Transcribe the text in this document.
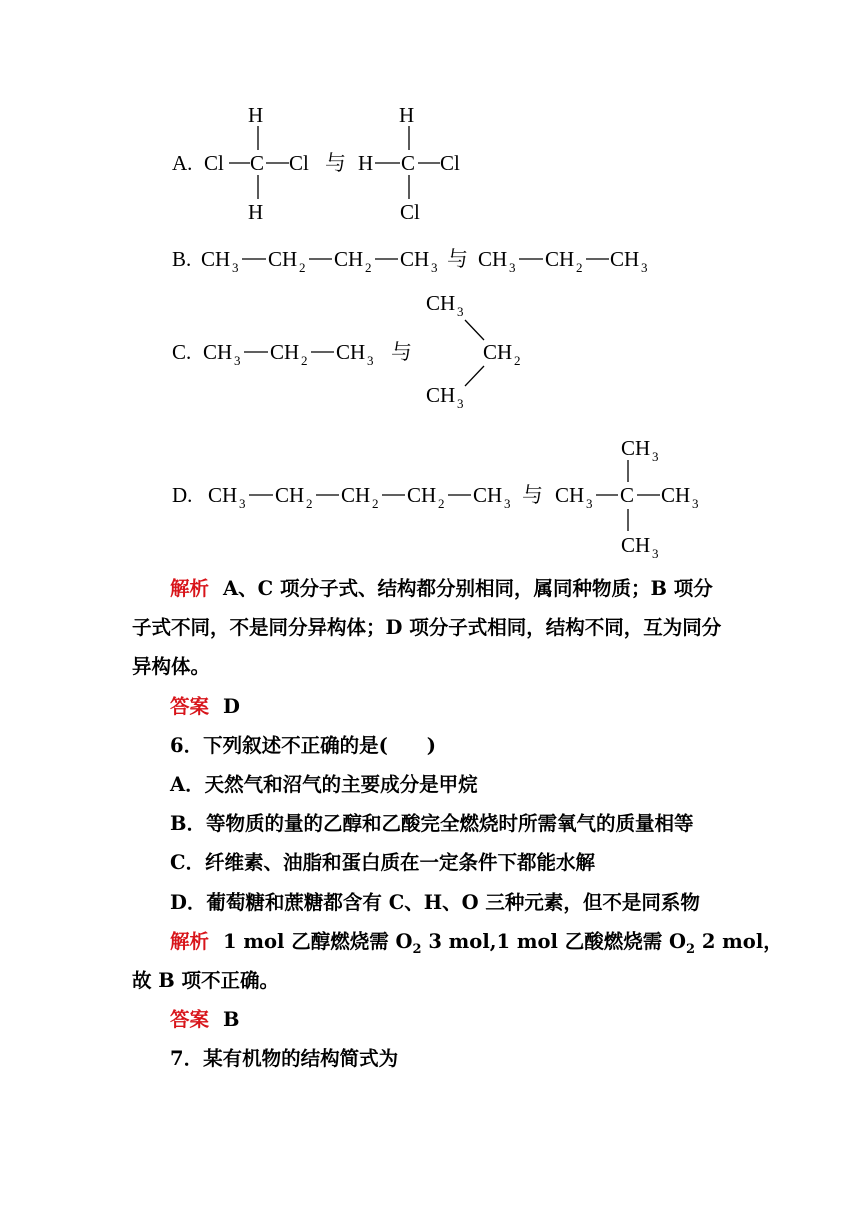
A. Cl C Cl
H
H
与 H C Cl
H
Cl
B. CH 3 CH 2 CH 2 CH 3 与 CH 3 CH 2 CH 3
C. CH 3 CH 2 CH 3 与
CH 3
CH 2
CH 3
D. CH 3 CH 2 CH 2 CH 2 CH 3 与 CH 3 C CH 3
CH 3
CH 3
解析 A、C 项分子式、结构都分别相同，属同种物质；B 项分
子式不同，不是同分异构体；D 项分子式相同，结构不同，互为同分
异构体。
答案 D
6．下列叙述不正确的是(　　)
A．天然气和沼气的主要成分是甲烷
B．等物质的量的乙醇和乙酸完全燃烧时所需氧气的质量相等
C．纤维素、油脂和蛋白质在一定条件下都能水解
D．葡萄糖和蔗糖都含有 C、H、O 三种元素，但不是同系物
解析 1 mol 乙醇燃烧需 $O_2$ 3 mol,1 mol 乙酸燃烧需 $O_2$ 2 mol，
故 B 项不正确。
答案 B
7．某有机物的结构简式为
